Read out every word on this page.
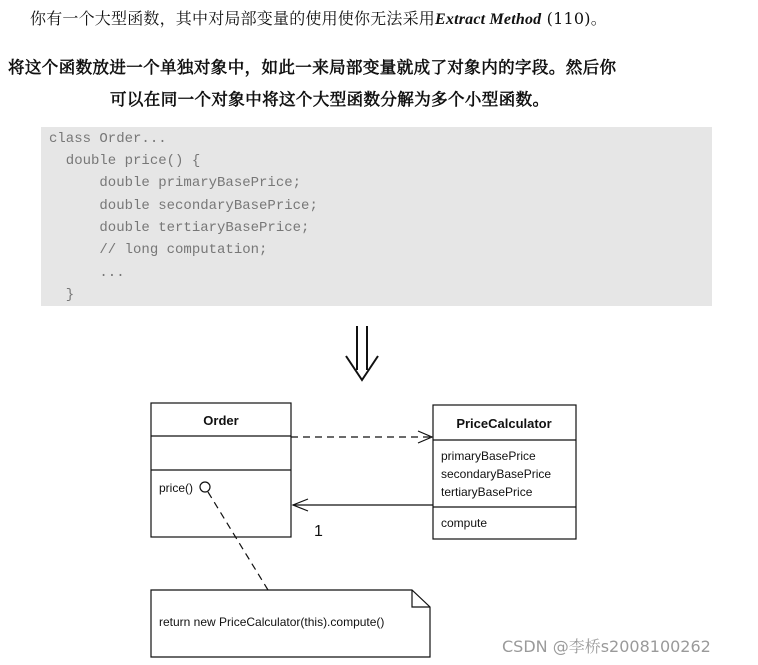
你有一个大型函数，其中对局部变量的使用使你无法采用Extract Method (110)。
将这个函数放进一个单独对象中，如此一来局部变量就成了对象内的字段。然后你
可以在同一个对象中将这个大型函数分解为多个小型函数。
class Order...
double price() {
double primaryBasePrice;
double secondaryBasePrice;
double tertiaryBasePrice;
// long computation;
...
}
Order
price()
PriceCalculator
primaryBasePrice
secondaryBasePrice
tertiaryBasePrice
compute
1
return new PriceCalculator(this).compute()
CSDN @李桥s2008100262
